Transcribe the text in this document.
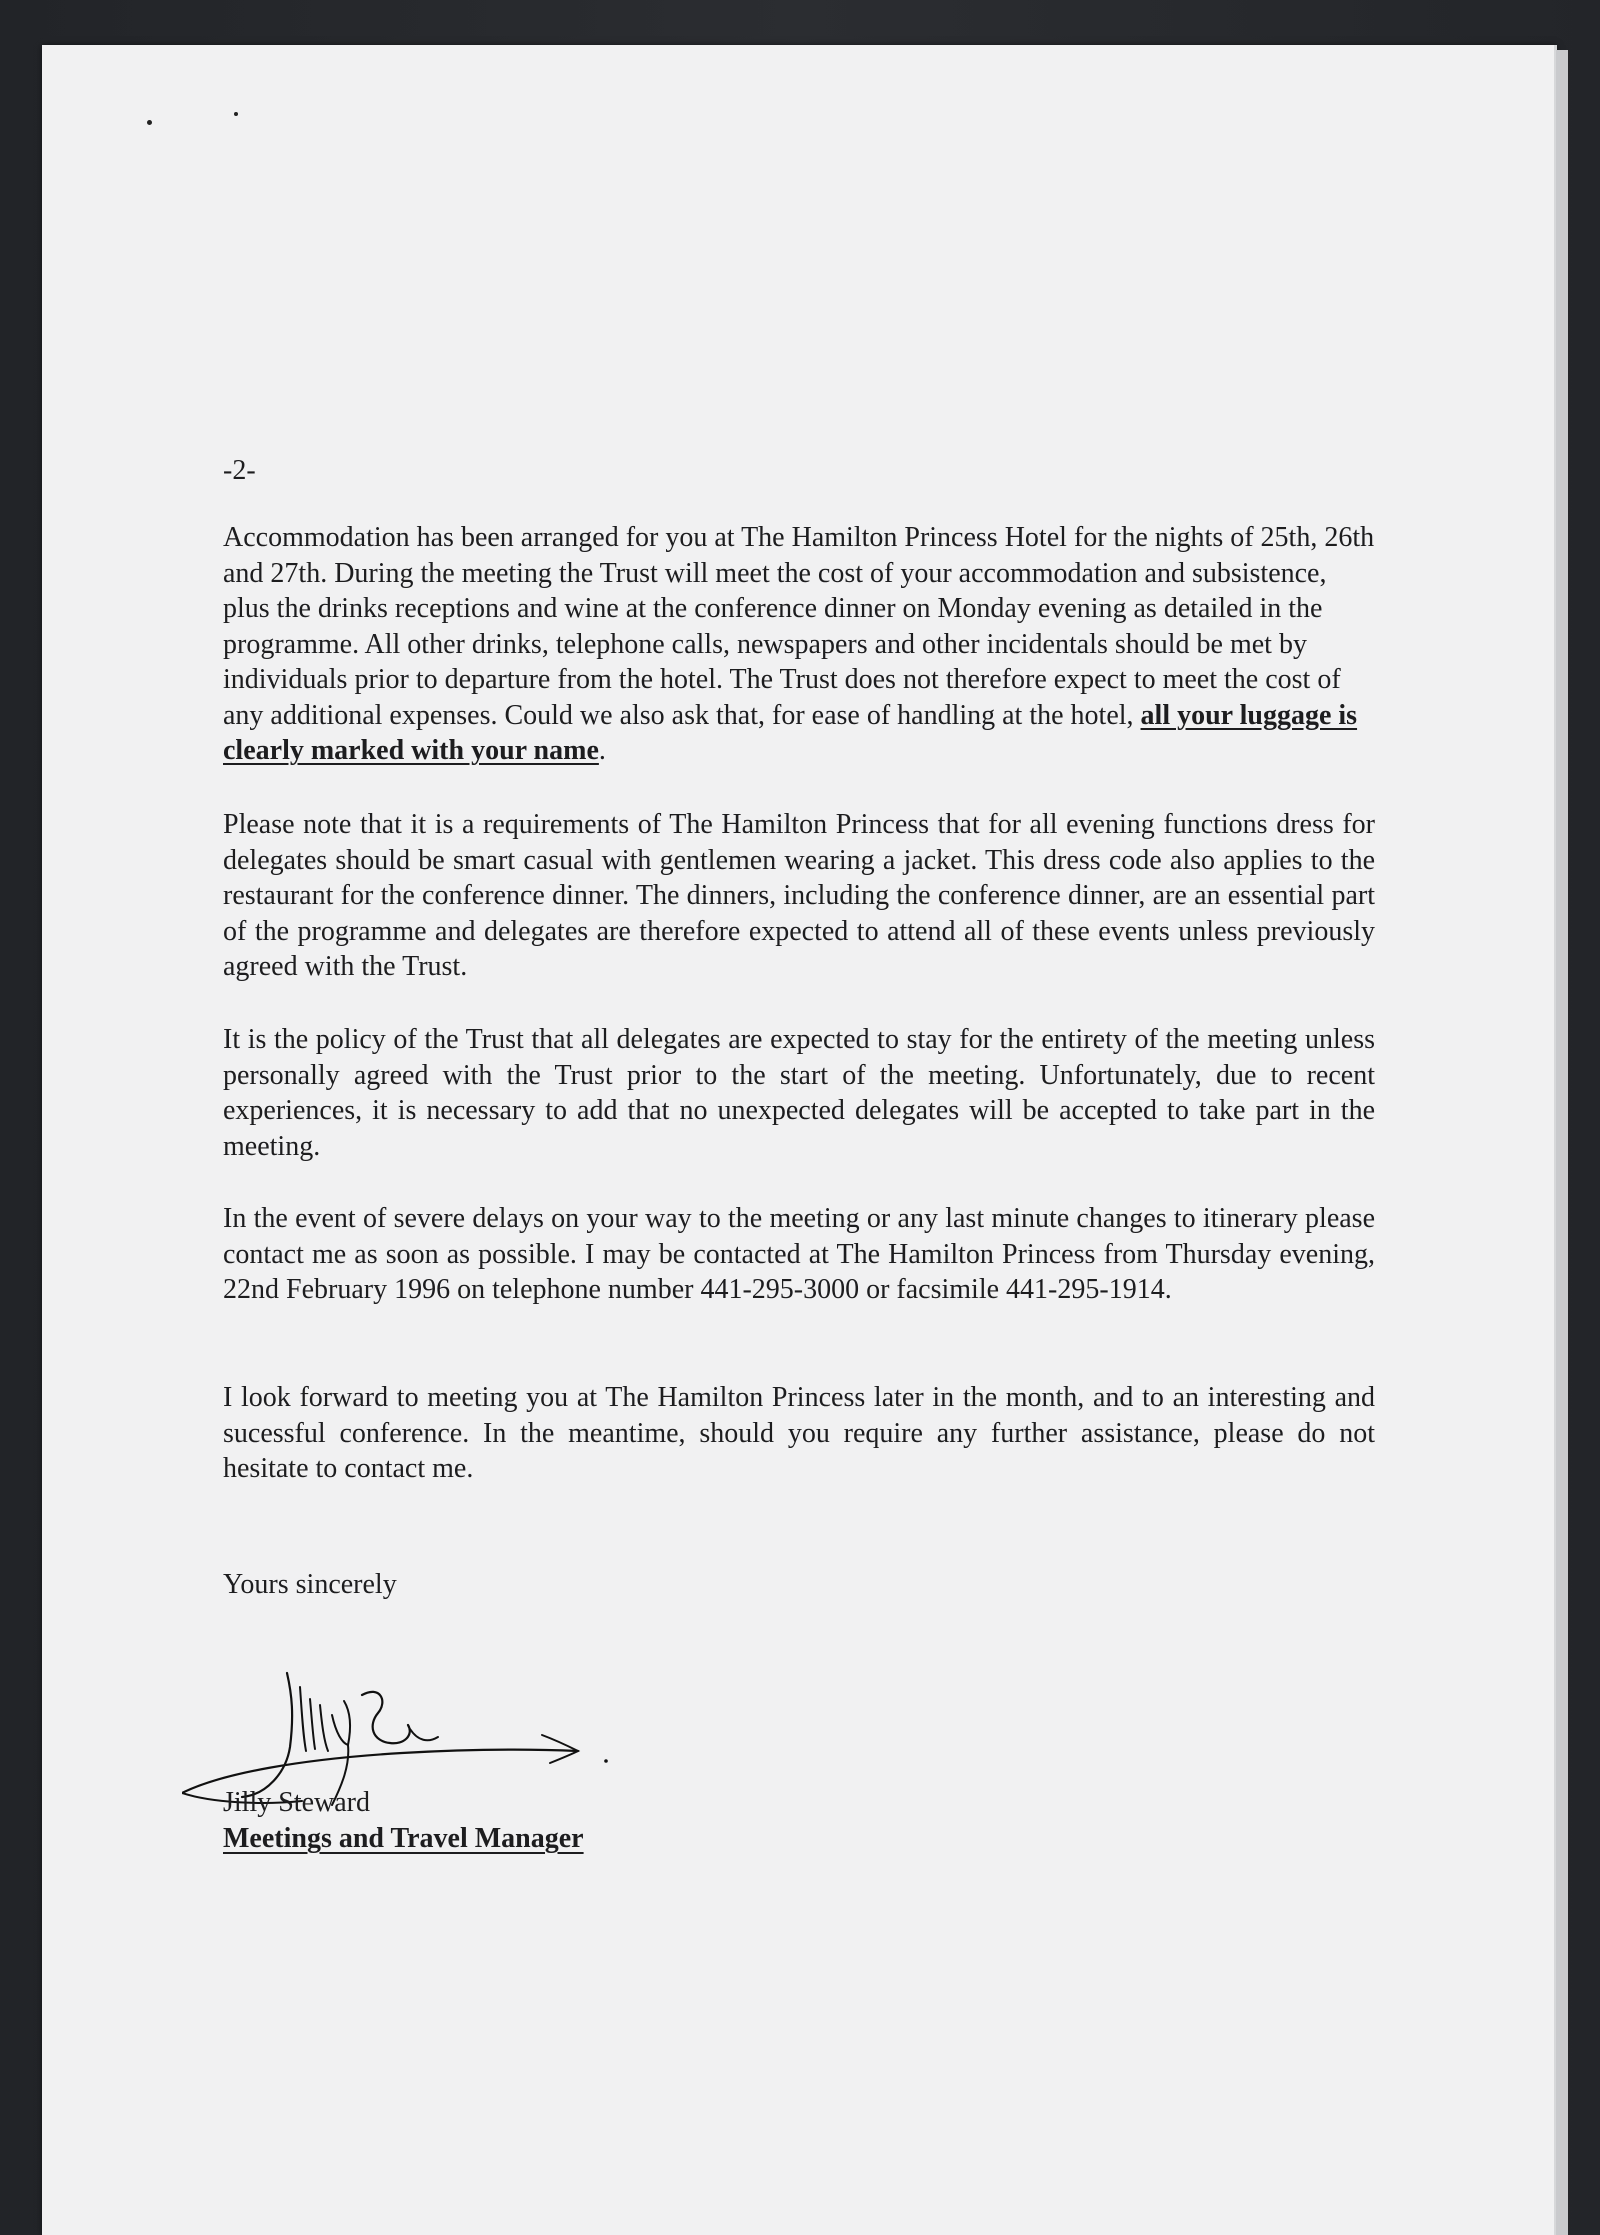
-2-
Accommodation has been arranged for you at The Hamilton Princess Hotel for the nights of 25th, 26th and 27th. During the meeting the Trust will meet the cost of your accommodation and subsistence, plus the drinks receptions and wine at the conference dinner on Monday evening as detailed in the programme. All other drinks, telephone calls, newspapers and other incidentals should be met by individuals prior to departure from the hotel. The Trust does not therefore expect to meet the cost of any additional expenses. Could we also ask that, for ease of handling at the hotel, all your luggage is clearly marked with your name.
Please note that it is a requirements of The Hamilton Princess that for all evening functions dress for delegates should be smart casual with gentlemen wearing a jacket. This dress code also applies to the restaurant for the conference dinner. The dinners, including the conference dinner, are an essential part of the programme and delegates are therefore expected to attend all of these events unless previously agreed with the Trust.
It is the policy of the Trust that all delegates are expected to stay for the entirety of the meeting unless personally agreed with the Trust prior to the start of the meeting. Unfortunately, due to recent experiences, it is necessary to add that no unexpected delegates will be accepted to take part in the meeting.
In the event of severe delays on your way to the meeting or any last minute changes to itinerary please contact me as soon as possible. I may be contacted at The Hamilton Princess from Thursday evening, 22nd February 1996 on telephone number 441-295-3000 or facsimile 441-295-1914.
I look forward to meeting you at The Hamilton Princess later in the month, and to an interesting and sucessful conference. In the meantime, should you require any further assistance, please do not hesitate to contact me.
Yours sincerely
Jilly Steward
Meetings and Travel Manager
